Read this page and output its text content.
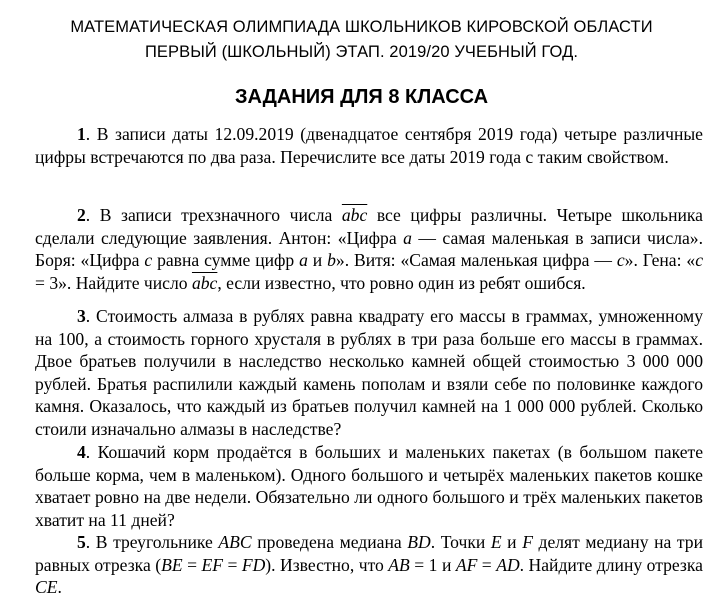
МАТЕМАТИЧЕСКАЯ ОЛИМПИАДА ШКОЛЬНИКОВ КИРОВСКОЙ ОБЛАСТИ
ПЕРВЫЙ (ШКОЛЬНЫЙ) ЭТАП. 2019/20 УЧЕБНЫЙ ГОД.
ЗАДАНИЯ ДЛЯ 8 КЛАССА

1. В записи даты 12.09.2019 (двенадцатое сентября 2019 года) четыре различные цифры встречаются по два раза. Перечислите все даты 2019 года с таким свойством.

2. В записи трехзначного числа $\overline{abc}$ все цифры различны. Четыре школьника сделали следующие заявления. Антон: «Цифра a — самая маленькая в записи числа». Боря: «Цифра c равна сумме цифр a и b». Витя: «Самая маленькая цифра — c». Гена: «c = 3». Найдите число $\overline{abc}$, если известно, что ровно один из ребят ошибся.

3. Стоимость алмаза в рублях равна квадрату его массы в граммах, умноженному на 100, а стоимость горного хрусталя в рублях в три раза больше его массы в граммах. Двое братьев получили в наследство несколько камней общей стоимостью 3 000 000 рублей. Братья распилили каждый камень пополам и взяли себе по половинке каждого камня. Оказалось, что каждый из братьев получил камней на 1 000 000 рублей. Сколько стоили изначально алмазы в наследстве?

4. Кошачий корм продаётся в больших и маленьких пакетах (в большом пакете больше корма, чем в маленьком). Одного большого и четырёх маленьких пакетов кошке хватает ровно на две недели. Обязательно ли одного большого и трёх маленьких пакетов хватит на 11 дней?

5. В треугольнике ABC проведена медиана BD. Точки E и F делят медиану на три равных отрезка (BE = EF = FD). Известно, что AB = 1 и AF = AD. Найдите длину отрезка CE.
